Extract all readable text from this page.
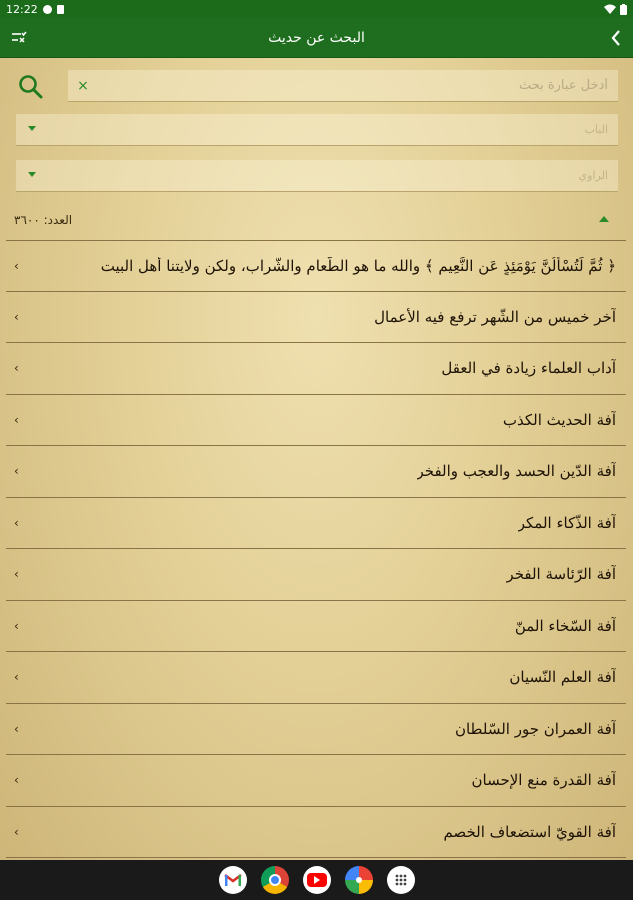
12:22
البحث عن حديث
×
أدخل عبارة بحث
الباب
الراوي
العدد: ٣٦٠٠
‹	﴿ ثُمَّ لَتُسْأَلُنَّ يَوْمَئِذٍ عَنِ النَّعِيمِ ﴾ والله ما هو الطَّعام والشَّراب، ولكن ولايتنا أهل البيت
‹	آخر خميس من الشّهر ترفع فيه الأعمال
‹	آداب العلماء زيادة في العقل
‹	آفة الحديث الكذب
‹	آفة الدّين الحسد والعجب والفخر
‹	آفة الذّكاء المكر
‹	آفة الرّئاسة الفخر
‹	آفة السّخاء المنّ
‹	آفة العلم النّسيان
‹	آفة العمران جور السّلطان
‹	آفة القدرة منع الإحسان
‹	آفة القويّ استضعاف الخصم
